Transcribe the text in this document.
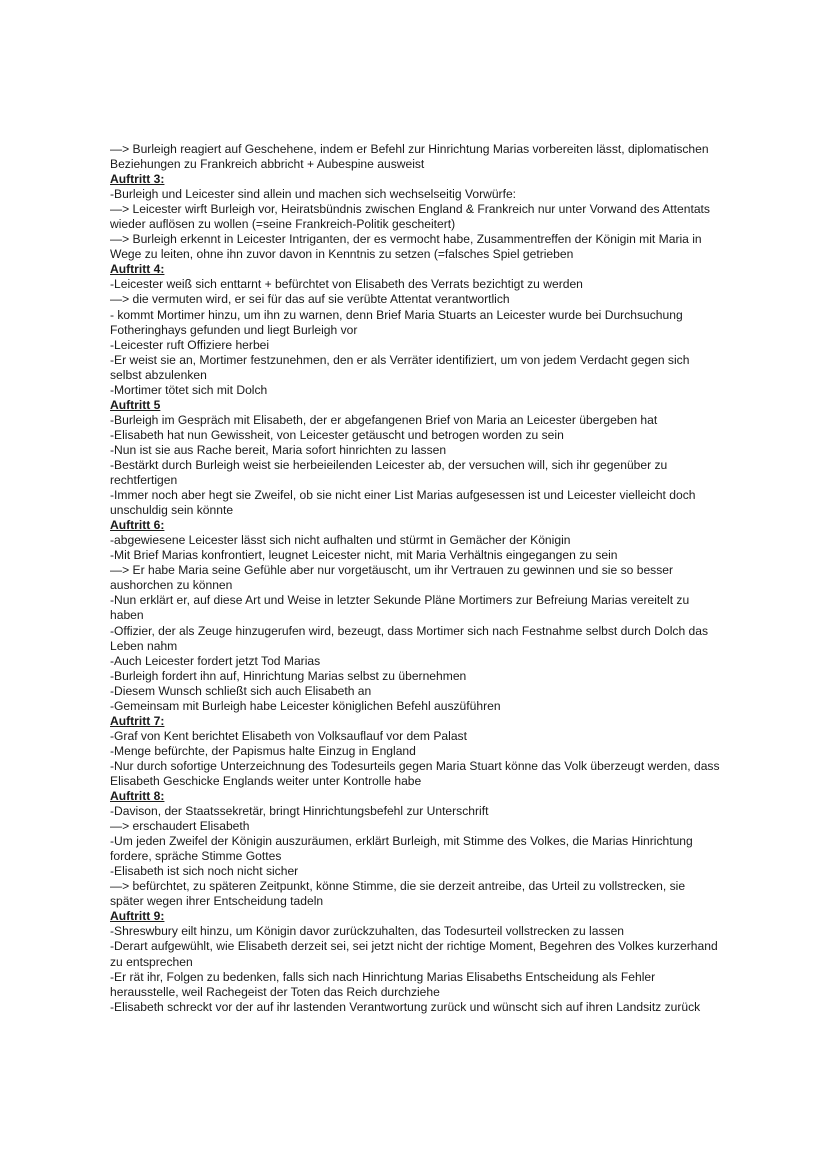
—> Burleigh reagiert auf Geschehene, indem er Befehl zur Hinrichtung Marias vorbereiten lässt, diplomatischen Beziehungen zu Frankreich abbricht + Aubespine ausweist

Auftritt 3:

-Burleigh und Leicester sind allein und machen sich wechselseitig Vorwürfe:

—> Leicester wirft Burleigh vor, Heiratsbündnis zwischen England & Frankreich nur unter Vorwand des Attentats wieder auflösen zu wollen (=seine Frankreich-Politik gescheitert)

—> Burleigh erkennt in Leicester Intriganten, der es vermocht habe, Zusammentreffen der Königin mit Maria in Wege zu leiten, ohne ihn zuvor davon in Kenntnis zu setzen (=falsches Spiel getrieben

Auftritt 4:

-Leicester weiß sich enttarnt + befürchtet von Elisabeth des Verrats bezichtigt zu werden

—> die vermuten wird, er sei für das auf sie verübte Attentat verantwortlich

- kommt Mortimer hinzu, um ihn zu warnen, denn Brief Maria Stuarts an Leicester wurde bei Durchsuchung Fotheringhays gefunden und liegt Burleigh vor

-Leicester ruft Offiziere herbei

-Er weist sie an, Mortimer festzunehmen, den er als Verräter identifiziert, um von jedem Verdacht gegen sich selbst abzulenken

-Mortimer tötet sich mit Dolch

Auftritt 5

-Burleigh im Gespräch mit Elisabeth, der er abgefangenen Brief von Maria an Leicester übergeben hat

-Elisabeth hat nun Gewissheit, von Leicester getäuscht und betrogen worden zu sein

-Nun ist sie aus Rache bereit, Maria sofort hinrichten zu lassen

-Bestärkt durch Burleigh weist sie herbeieilenden Leicester ab, der versuchen will, sich ihr gegenüber zu rechtfertigen

-Immer noch aber hegt sie Zweifel, ob sie nicht einer List Marias aufgesessen ist und Leicester vielleicht doch unschuldig sein könnte

Auftritt 6:

-abgewiesene Leicester lässt sich nicht aufhalten und stürmt in Gemächer der Königin

-Mit Brief Marias konfrontiert, leugnet Leicester nicht, mit Maria Verhältnis eingegangen zu sein

—> Er habe Maria seine Gefühle aber nur vorgetäuscht, um ihr Vertrauen zu gewinnen und sie so besser aushorchen zu können

-Nun erklärt er, auf diese Art und Weise in letzter Sekunde Pläne Mortimers zur Befreiung Marias vereitelt zu haben

-Offizier, der als Zeuge hinzugerufen wird, bezeugt, dass Mortimer sich nach Festnahme selbst durch Dolch das Leben nahm

-Auch Leicester fordert jetzt Tod Marias

-Burleigh fordert ihn auf, Hinrichtung Marias selbst zu übernehmen

-Diesem Wunsch schließt sich auch Elisabeth an

-Gemeinsam mit Burleigh habe Leicester königlichen Befehl auszüführen

Auftritt 7:

-Graf von Kent berichtet Elisabeth von Volksauflauf vor dem Palast

-Menge befürchte, der Papismus halte Einzug in England

-Nur durch sofortige Unterzeichnung des Todesurteils gegen Maria Stuart könne das Volk überzeugt werden, dass Elisabeth Geschicke Englands weiter unter Kontrolle habe

Auftritt 8:

-Davison, der Staatssekretär, bringt Hinrichtungsbefehl zur Unterschrift

—> erschaudert Elisabeth

-Um jeden Zweifel der Königin auszuräumen, erklärt Burleigh, mit Stimme des Volkes, die Marias Hinrichtung fordere, spräche Stimme Gottes

-Elisabeth ist sich noch nicht sicher

—> befürchtet, zu späteren Zeitpunkt, könne Stimme, die sie derzeit antreibe, das Urteil zu vollstrecken, sie später wegen ihrer Entscheidung tadeln

Auftritt 9:

-Shreswbury eilt hinzu, um Königin davor zurückzuhalten, das Todesurteil vollstrecken zu lassen

-Derart aufgewühlt, wie Elisabeth derzeit sei, sei jetzt nicht der richtige Moment, Begehren des Volkes kurzerhand zu entsprechen

-Er rät ihr, Folgen zu bedenken, falls sich nach Hinrichtung Marias Elisabeths Entscheidung als Fehler herausstelle, weil Rachegeist der Toten das Reich durchziehe

-Elisabeth schreckt vor der auf ihr lastenden Verantwortung zurück und wünscht sich auf ihren Landsitz zurück
